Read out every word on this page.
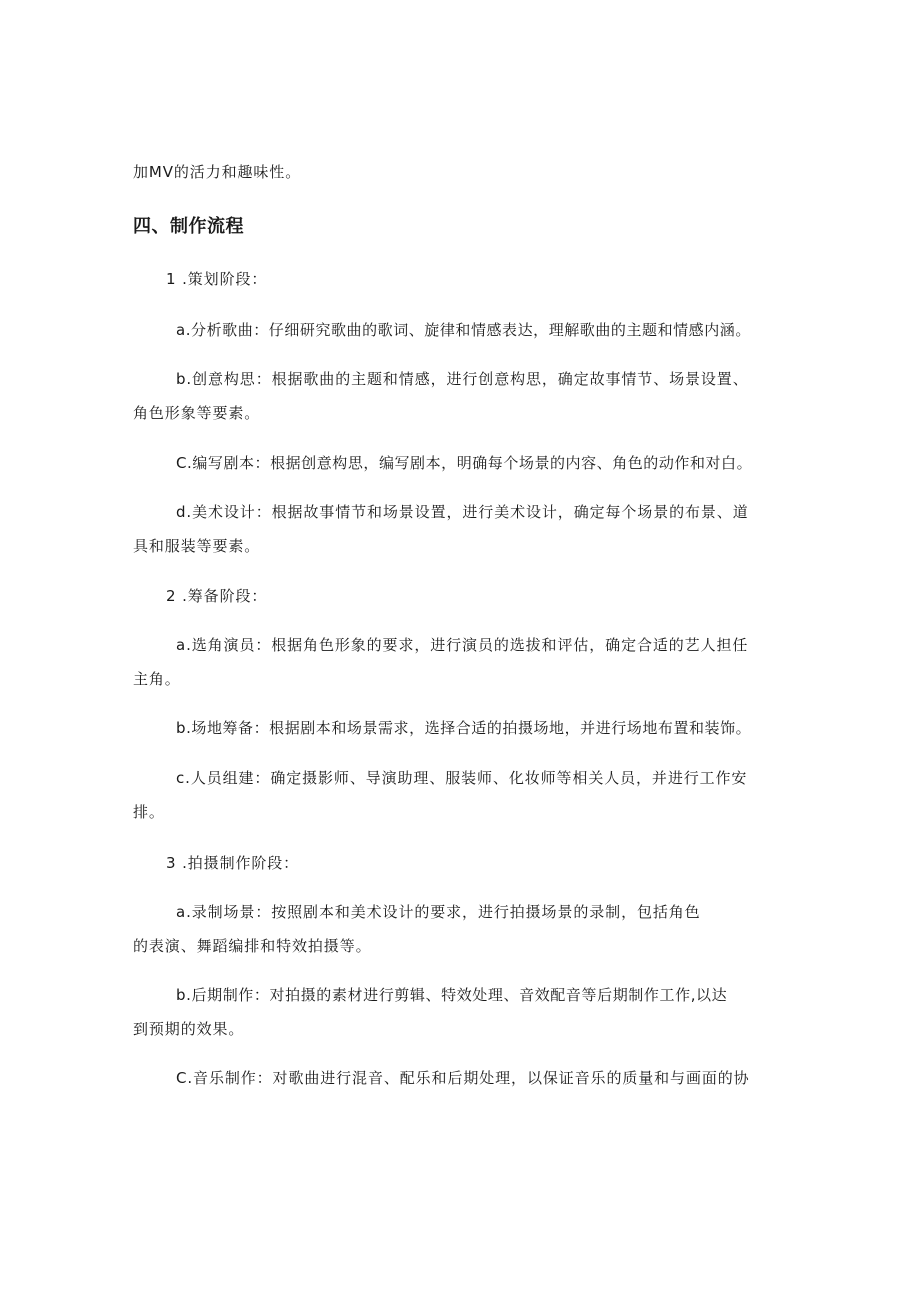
加MV的活力和趣味性。
四、制作流程
1 .策划阶段：
a.分析歌曲：仔细研究歌曲的歌词、旋律和情感表达，理解歌曲的主题和情感内涵。
b.创意构思：根据歌曲的主题和情感，进行创意构思，确定故事情节、场景设置、
角色形象等要素。
C.编写剧本：根据创意构思，编写剧本，明确每个场景的内容、角色的动作和对白。
d.美术设计：根据故事情节和场景设置，进行美术设计，确定每个场景的布景、道
具和服装等要素。
2 .筹备阶段：
a.选角演员：根据角色形象的要求，进行演员的选拔和评估，确定合适的艺人担任
主角。
b.场地筹备：根据剧本和场景需求，选择合适的拍摄场地，并进行场地布置和装饰。
c.人员组建：确定摄影师、导演助理、服装师、化妆师等相关人员，并进行工作安
排。
3 .拍摄制作阶段：
a.录制场景：按照剧本和美术设计的要求，进行拍摄场景的录制，包括角色
的表演、舞蹈编排和特效拍摄等。
b.后期制作：对拍摄的素材进行剪辑、特效处理、音效配音等后期制作工作,以达
到预期的效果。
C.音乐制作：对歌曲进行混音、配乐和后期处理，以保证音乐的质量和与画面的协
